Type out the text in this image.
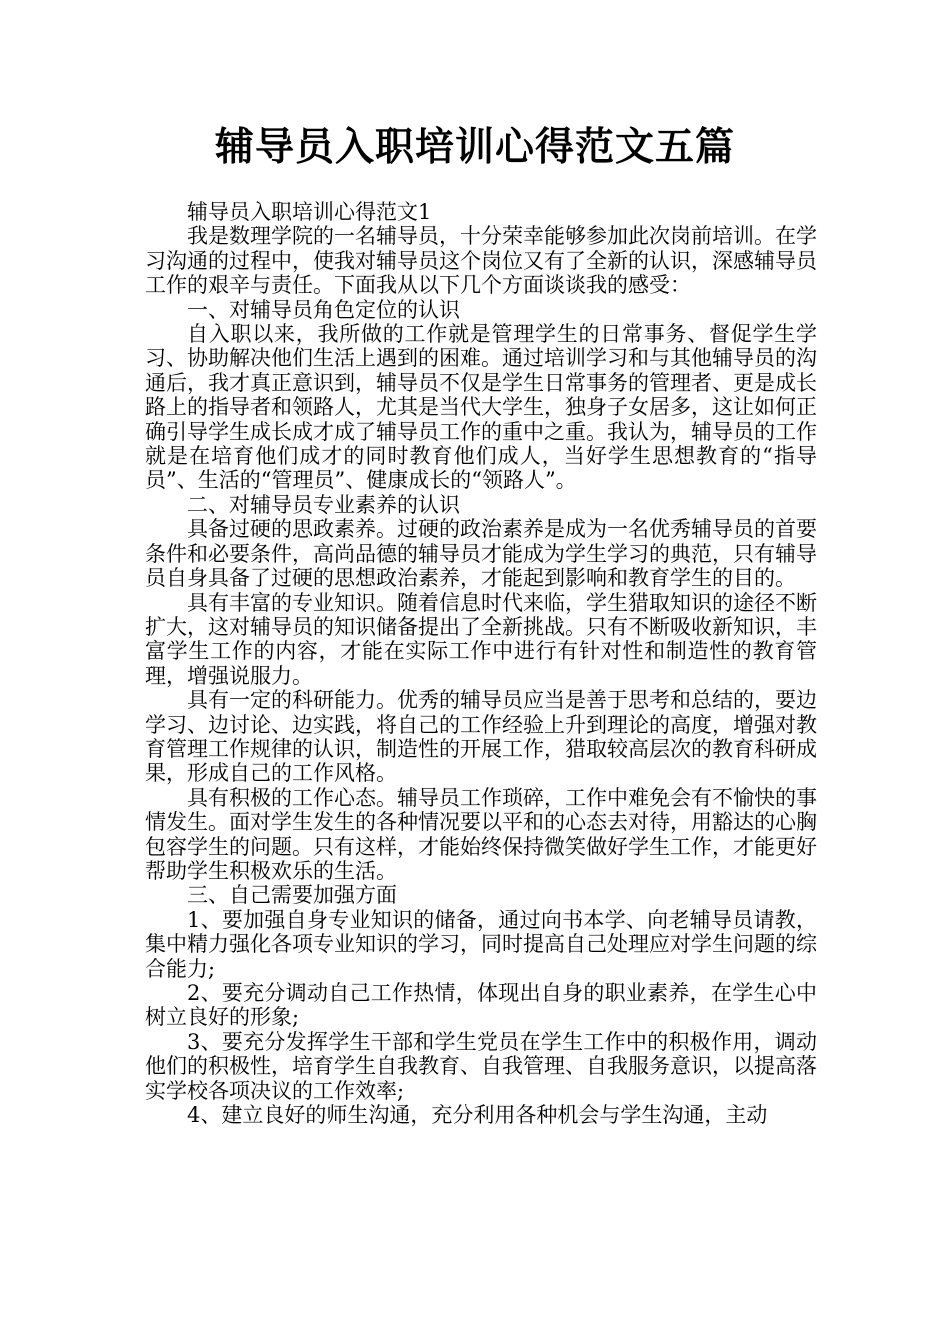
辅导员入职培训心得范文五篇

辅导员入职培训心得范文1

我是数理学院的一名辅导员，十分荣幸能够参加此次岗前培训。在学习沟通的过程中，使我对辅导员这个岗位又有了全新的认识，深感辅导员工作的艰辛与责任。下面我从以下几个方面谈谈我的感受：

一、对辅导员角色定位的认识

自入职以来，我所做的工作就是管理学生的日常事务、督促学生学习、协助解决他们生活上遇到的困难。通过培训学习和与其他辅导员的沟通后，我才真正意识到，辅导员不仅是学生日常事务的管理者、更是成长路上的指导者和领路人，尤其是当代大学生，独身子女居多，这让如何正确引导学生成长成才成了辅导员工作的重中之重。我认为，辅导员的工作就是在培育他们成才的同时教育他们成人，当好学生思想教育的“指导员”、生活的“管理员”、健康成长的“领路人”。

二、对辅导员专业素养的认识

具备过硬的思政素养。过硬的政治素养是成为一名优秀辅导员的首要条件和必要条件，高尚品德的辅导员才能成为学生学习的典范，只有辅导员自身具备了过硬的思想政治素养，才能起到影响和教育学生的目的。

具有丰富的专业知识。随着信息时代来临，学生猎取知识的途径不断扩大，这对辅导员的知识储备提出了全新挑战。只有不断吸收新知识，丰富学生工作的内容，才能在实际工作中进行有针对性和制造性的教育管理，增强说服力。

具有一定的科研能力。优秀的辅导员应当是善于思考和总结的，要边学习、边讨论、边实践，将自己的工作经验上升到理论的高度，增强对教育管理工作规律的认识，制造性的开展工作，猎取较高层次的教育科研成果，形成自己的工作风格。

具有积极的工作心态。辅导员工作琐碎，工作中难免会有不愉快的事情发生。面对学生发生的各种情况要以平和的心态去对待，用豁达的心胸包容学生的问题。只有这样，才能始终保持微笑做好学生工作，才能更好帮助学生积极欢乐的生活。

三、自己需要加强方面

1、要加强自身专业知识的储备，通过向书本学、向老辅导员请教，集中精力强化各项专业知识的学习，同时提高自己处理应对学生问题的综合能力;

2、要充分调动自己工作热情，体现出自身的职业素养，在学生心中树立良好的形象;

3、要充分发挥学生干部和学生党员在学生工作中的积极作用，调动他们的积极性，培育学生自我教育、自我管理、自我服务意识，以提高落实学校各项决议的工作效率;

4、建立良好的师生沟通，充分利用各种机会与学生沟通，主动
